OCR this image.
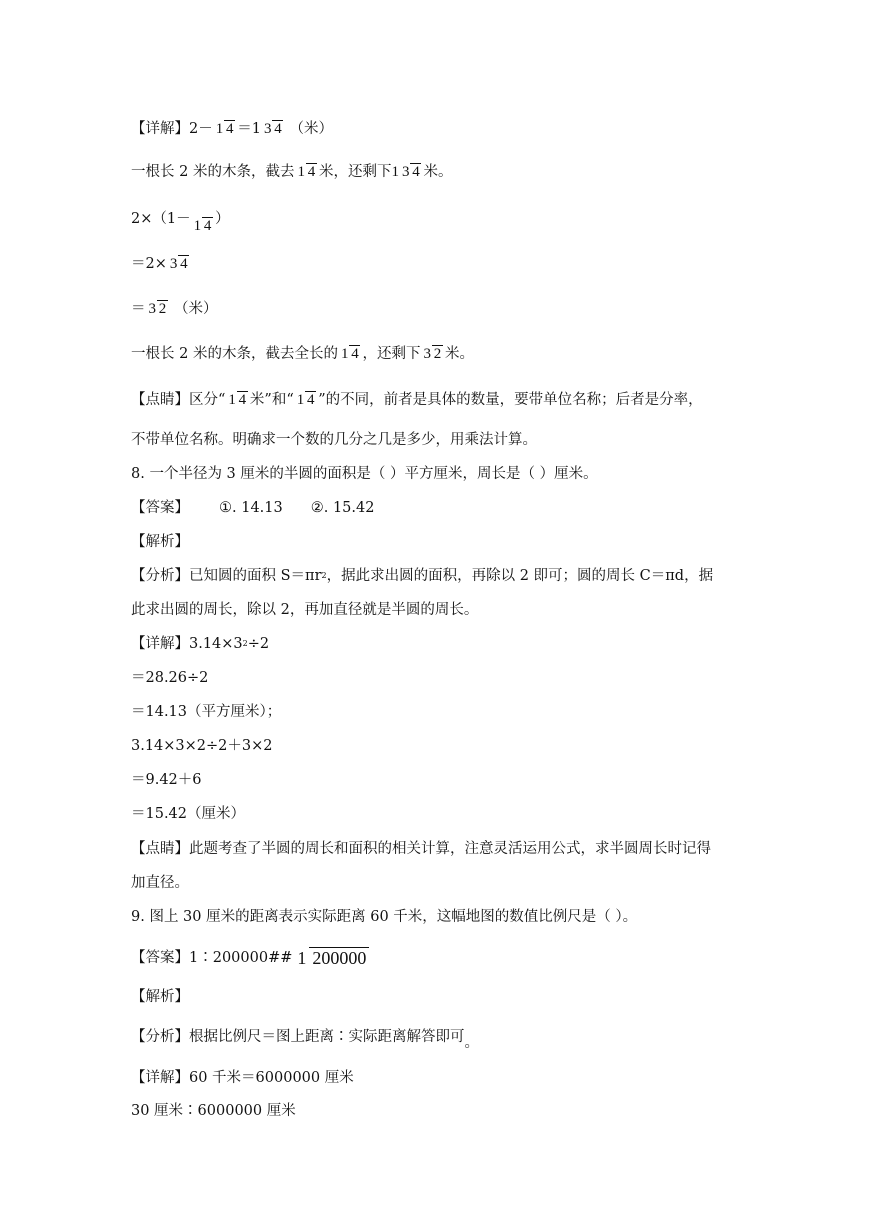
【详解】2－ 1 4 ＝1 3 4 （米）
一根长 2 米的木条，截去 1 4 米，还剩下 1 3 4 米。
2×（1－ 1 4 ）
＝2× 3 4
＝ 3 2 （米）
一根长 2 米的木条，截去全长的 1 4 ，还剩下 3 2 米。
【点睛】区分“ 1 4 米”和“ 1 4 ”的不同，前者是具体的数量，要带单位名称；后者是分率，
不带单位名称。明确求一个数的几分之几是多少，用乘法计算。
8. 一个半径为 3 厘米的半圆的面积是（ ）平方厘米，周长是（ ）厘米。
【答案】 ①. 14.13 ②. 15.42
【解析】
【分析】已知圆的面积 S＝πr 2 ，据此求出圆的面积，再除以 2 即可；圆的周长 C＝πd，据
此求出圆的周长，除以 2，再加直径就是半圆的周长。
【详解】3.14×3 2 ÷2
＝28.26÷2
＝14.13（平方厘米）；
3.14×3×2÷2＋3×2
＝9.42＋6
＝15.42（厘米）
【点睛】此题考查了半圆的周长和面积的相关计算，注意灵活运用公式，求半圆周长时记得
加直径。
9. 图上 30 厘米的距离表示实际距离 60 千米，这幅地图的数值比例尺是（ ）。
【答案】1∶200000## 1 200000
【解析】
【分析】根据比例尺＝图上距离∶实际距离解答即可 。
【详解】60 千米＝6000000 厘米
30 厘米∶6000000 厘米
